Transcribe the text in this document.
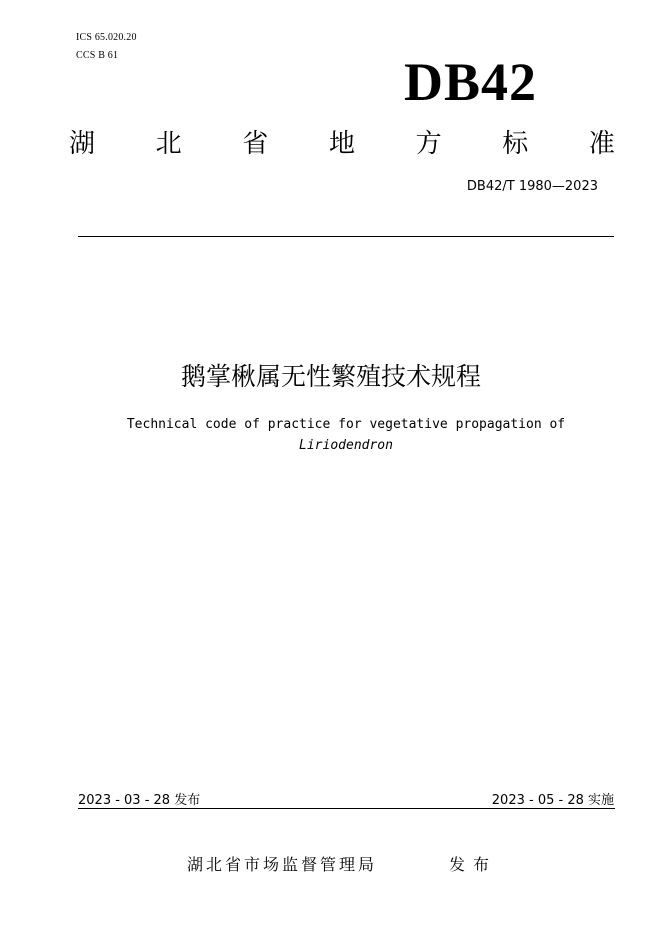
ICS 65.020.20
CCS B 61	DB42
湖 北 省 地 方 标 准
DB42/T 1980—2023
鹅掌楸属无性繁殖技术规程
Technical code of practice for vegetative propagation of
Liriodendron
2023 - 03 - 28 发布	2023 - 05 - 28 实施
湖北省市场监督管理局	发布
